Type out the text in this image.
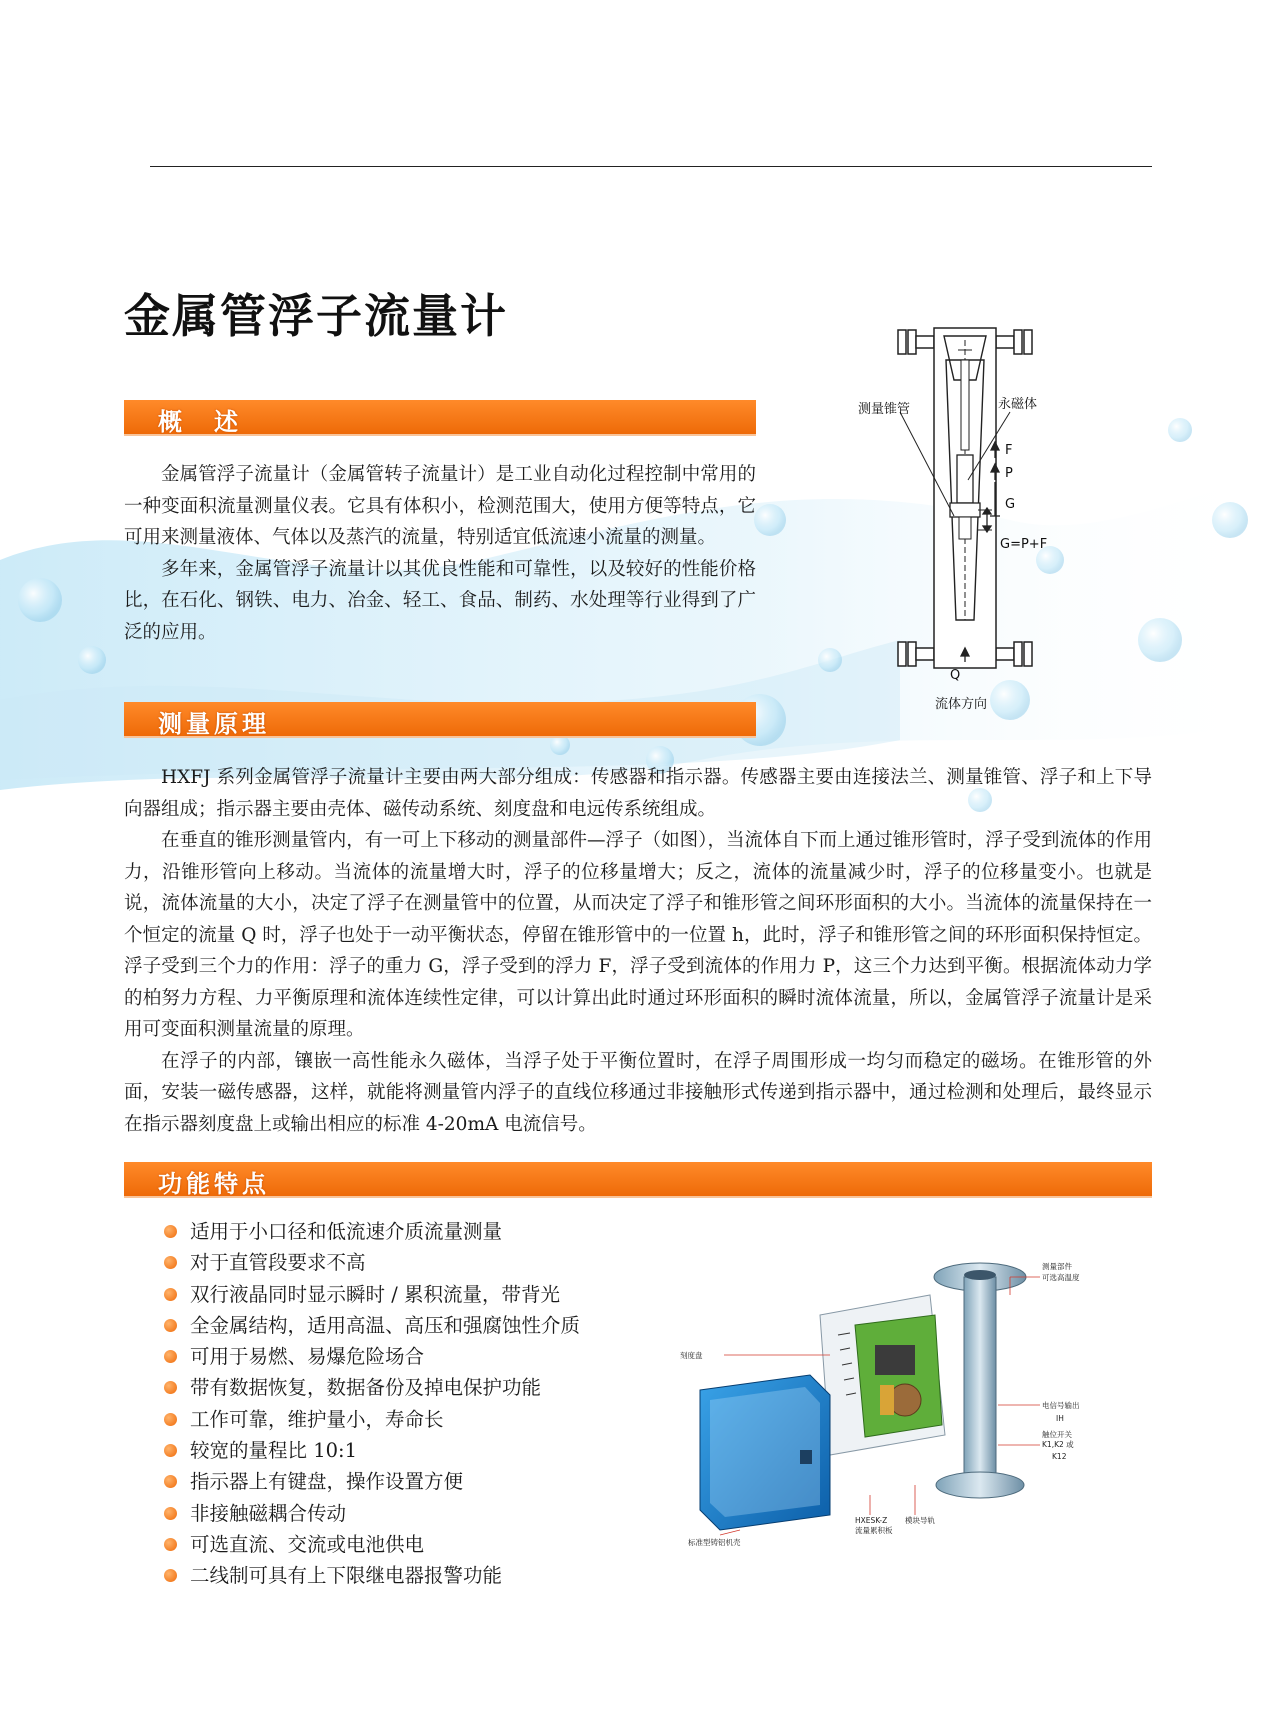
金属管浮子流量计
概　述

金属管浮子流量计（金属管转子流量计）是工业自动化过程控制中常用的一种变面积流量测量仪表。它具有体积小，检测范围大，使用方便等特点，它可用来测量液体、气体以及蒸汽的流量，特别适宜低流速小流量的测量。

多年来，金属管浮子流量计以其优良性能和可靠性，以及较好的性能价格比，在石化、钢铁、电力、冶金、轻工、食品、制药、水处理等行业得到了广泛的应用。

测量锥管	永磁体
F
P
G
G=P+F
Q
流体方向
测量原理

HXFJ 系列金属管浮子流量计主要由两大部分组成：传感器和指示器。传感器主要由连接法兰、测量锥管、浮子和上下导向器组成；指示器主要由壳体、磁传动系统、刻度盘和电远传系统组成。

在垂直的锥形测量管内，有一可上下移动的测量部件—浮子（如图），当流体自下而上通过锥形管时，浮子受到流体的作用力，沿锥形管向上移动。当流体的流量增大时，浮子的位移量增大；反之，流体的流量减少时，浮子的位移量变小。也就是说，流体流量的大小，决定了浮子在测量管中的位置，从而决定了浮子和锥形管之间环形面积的大小。当流体的流量保持在一个恒定的流量 Q 时，浮子也处于一动平衡状态，停留在锥形管中的一位置 h，此时，浮子和锥形管之间的环形面积保持恒定。浮子受到三个力的作用：浮子的重力 G，浮子受到的浮力 F，浮子受到流体的作用力 P，这三个力达到平衡。根据流体动力学的柏努力方程、力平衡原理和流体连续性定律，可以计算出此时通过环形面积的瞬时流体流量，所以，金属管浮子流量计是采用可变面积测量流量的原理。

在浮子的内部，镶嵌一高性能永久磁体，当浮子处于平衡位置时，在浮子周围形成一均匀而稳定的磁场。在锥形管的外面，安装一磁传感器，这样，就能将测量管内浮子的直线位移通过非接触形式传递到指示器中，通过检测和处理后，最终显示在指示器刻度盘上或输出相应的标准 4-20mA 电流信号。

功能特点
适用于小口径和低流速介质流量测量
对于直管段要求不高
双行液晶同时显示瞬时 / 累积流量，带背光
全金属结构，适用高温、高压和强腐蚀性介质
可用于易燃、易爆危险场合
带有数据恢复，数据备份及掉电保护功能
工作可靠，维护量小，寿命长
较宽的量程比 10:1
指示器上有键盘，操作设置方便
非接触磁耦合传动
可选直流、交流或电池供电
二线制可具有上下限继电器报警功能
刻度盘
测量部件
可选高温度
电信号输出
IH
触位开关
K1,K2 或
K12
HXESK-Z
流量累积板
模块导轨
标准型铸铝机壳
